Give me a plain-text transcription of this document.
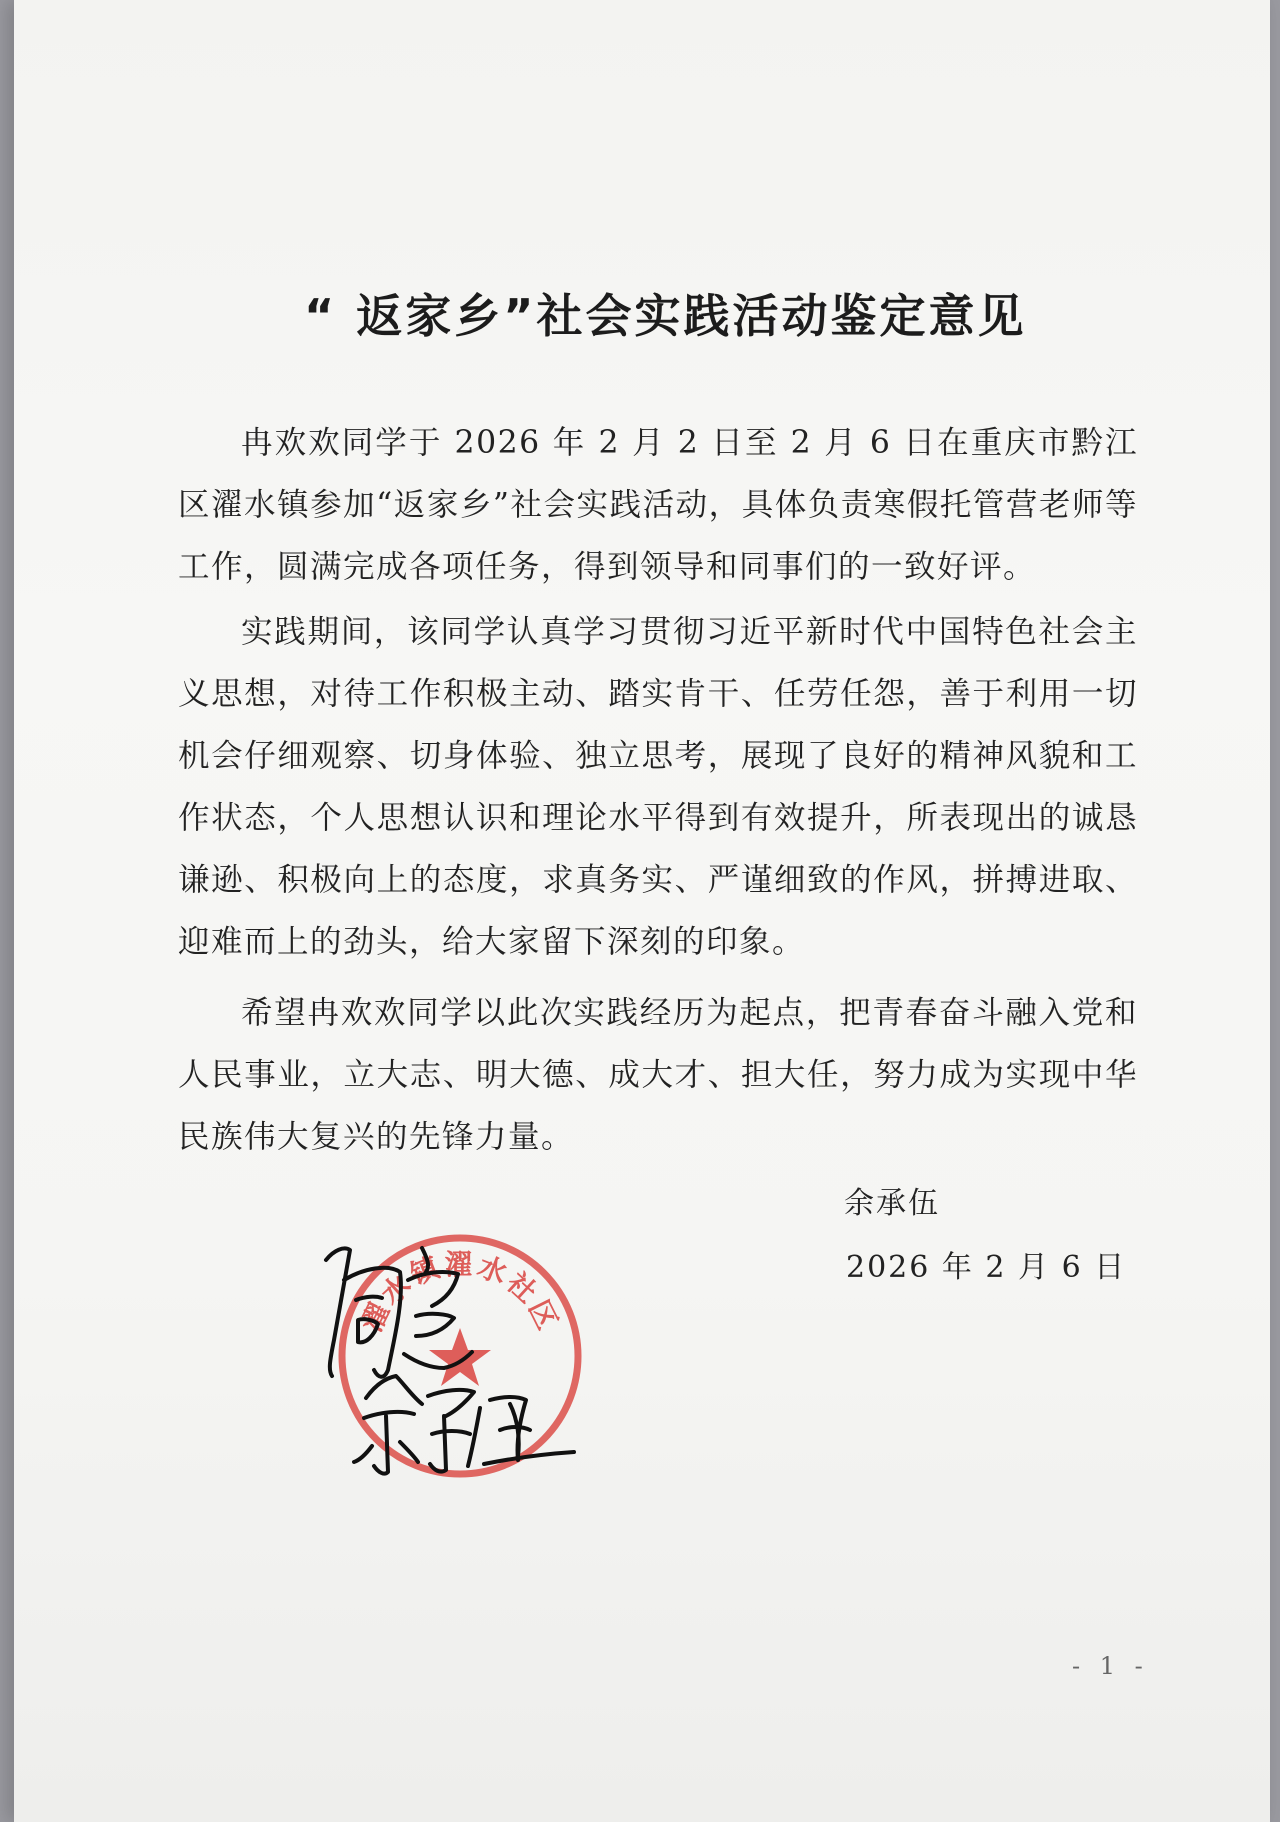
“ 返家乡”社会实践活动鉴定意见

冉欢欢同学于 2026 年 2 月 2 日至 2 月 6 日在重庆市黔江区濯水镇参加“返家乡”社会实践活动，具体负责寒假托管营老师等工作，圆满完成各项任务，得到领导和同事们的一致好评。

实践期间，该同学认真学习贯彻习近平新时代中国特色社会主义思想，对待工作积极主动、踏实肯干、任劳任怨，善于利用一切机会仔细观察、切身体验、独立思考，展现了良好的精神风貌和工作状态，个人思想认识和理论水平得到有效提升，所表现出的诚恳谦逊、积极向上的态度，求真务实、严谨细致的作风，拼搏进取、迎难而上的劲头，给大家留下深刻的印象。

希望冉欢欢同学以此次实践经历为起点，把青春奋斗融入党和人民事业，立大志、明大德、成大才、担大任，努力成为实现中华民族伟大复兴的先锋力量。

余承伍
2026 年 2 月 6 日
濯水镇濯水社区
- 1 -
